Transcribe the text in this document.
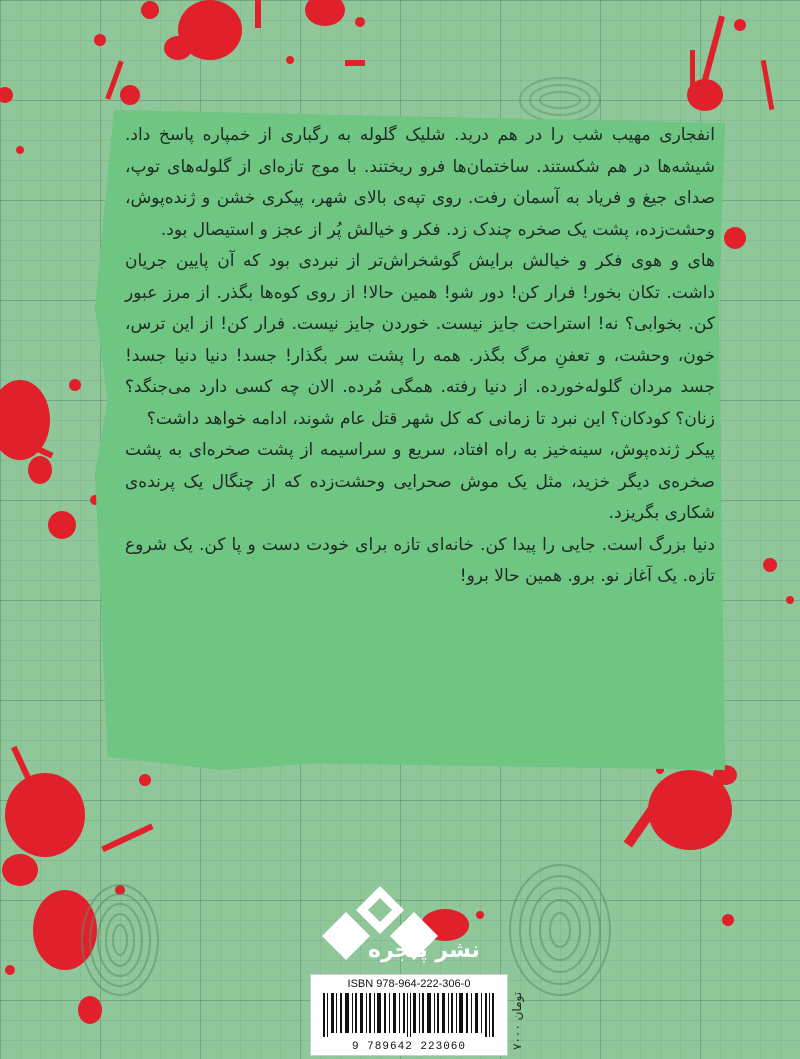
انفجاری مهیب شب را در هم درید. شلیک گلوله به رگباری از خمپاره پاسخ داد. شیشه‌ها در هم شکستند. ساختمان‌ها فرو ریختند. با موج تازه‌ای از گلوله‌های توپ، صدای جیغ و فریاد به آسمان رفت. روی تپه‌ی بالای شهر، پیکری خشن و ژنده‌پوش، وحشت‌زده، پشت یک صخره چندک زد. فکر و خیالش پُر از عجز و استیصال بود.

های و هوی فکر و خیالش برایش گوشخراش‌تر از نبردی بود که آن پایین جریان داشت. تکان بخور! فرار کن! دور شو! همین حالا! از روی کوه‌ها بگذر. از مرز عبور کن. بخوابی؟ نه! استراحت جایز نیست. خوردن جایز نیست. فرار کن! از این ترس، خون، وحشت، و تعفنِ مرگ بگذر. همه را پشت سر بگذار! جسد! دنیا دنیا جسد! جسد مردان گلوله‌خورده. از دنیا رفته. همگی مُرده. الان چه کسی دارد می‌جنگد؟ زنان؟ کودکان؟ این نبرد تا زمانی که کل شهر قتل عام شوند، ادامه خواهد داشت؟

پیکر ژنده‌پوش، سینه‌خیز به راه افتاد، سریع و سراسیمه از پشت صخره‌ای به پشت صخره‌ی دیگر خزید، مثل یک موش صحرایی وحشت‌زده که از چنگال یک پرنده‌ی شکاری بگریزد.

دنیا بزرگ است. جایی را پیدا کن. خانه‌ای تازه برای خودت دست و پا کن. یک شروع تازه. یک آغاز نو. برو. همین حالا برو!

نشر پنجره
ISBN 978-964-222-306-0
9 789642 223060	۷۰۰۰ تومان
